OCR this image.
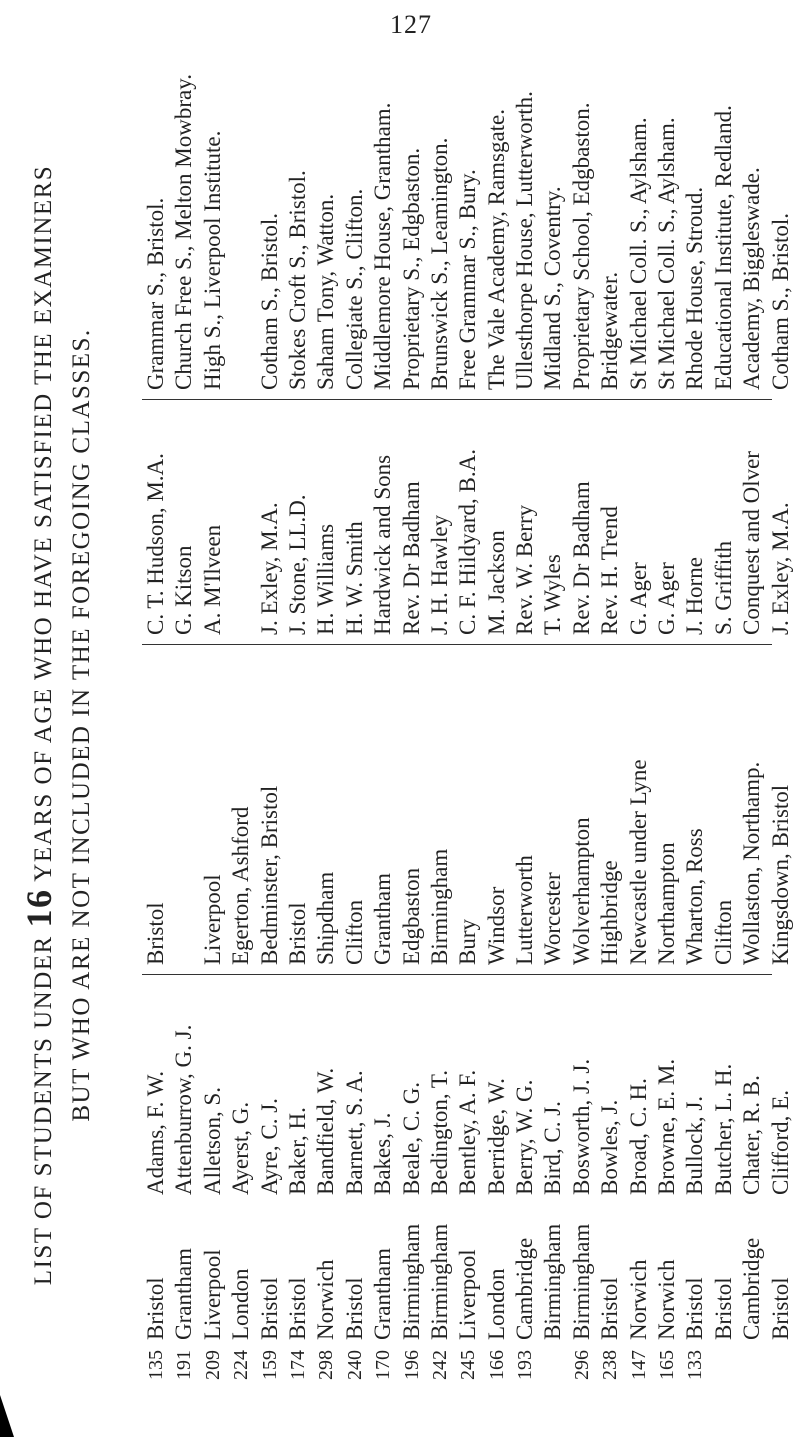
127
LIST OF STUDENTS UNDER 16 YEARS OF AGE WHO HAVE SATISFIED THE EXAMINERS BUT WHO ARE NOT INCLUDED IN THE FOREGOING CLASSES.
135 191 209 224 159 174 298 240 170 196 242 245 166 193 296 238 147 165 133
Bristol Grantham Liverpool London Bristol Bristol Norwich Bristol Grantham Birmingham Birmingham Liverpool London Cambridge Birmingham Birmingham Bristol Norwich Norwich Bristol Bristol Cambridge Bristol
Adams, F. W. Attenburrow, G. J. Alletson, S. Ayerst, G. Ayre, C. J. Baker, H. Bandfield, W. Barnett, S. A. Bakes, J. Beale, C. G. Bedington, T. Bentley, A. F. Berridge, W. Berry, W. G. Bird, C. J. Bosworth, J. J. Bowles, J. Broad, C. H. Browne, E. M. Bullock, J. Butcher, L. H. Chater, R. B. Clifford, E.
Bristol Liverpool Egerton, Ashford Bedminster, Bristol Bristol Shipdham Clifton Grantham Edgbaston Birmingham Bury Windsor Lutterworth Worcester Wolverhampton Highbridge Newcastle under Lyne Northampton Wharton, Ross Clifton Wollaston, Northamp. Kingsdown, Bristol
C. T. Hudson, M.A. G. Kitson A. M'Ilveen J. Exley, M.A. J. Stone, LL.D. H. Williams H. W. Smith Hardwick and Sons Rev. Dr Badham J. H. Hawley C. F. Hildyard, B.A. M. Jackson Rev. W. Berry T. Wyles Rev. Dr Badham Rev. H. Trend G. Ager G. Ager J. Horne S. Griffith Conquest and Olver J. Exley, M.A.
Grammar S., Bristol. Church Free S., Melton Mowbray. High S., Liverpool Institute. Cotham S., Bristol. Stokes Croft S., Bristol. Saham Tony, Watton. Collegiate S., Clifton. Middlemore House, Grantham. Proprietary S., Edgbaston. Brunswick S., Leamington. Free Grammar S., Bury. The Vale Academy, Ramsgate. Ullesthorpe House, Lutterworth. Midland S., Coventry. Proprietary School, Edgbaston. Bridgewater. St Michael Coll. S., Aylsham. St Michael Coll. S., Aylsham. Rhode House, Stroud. Educational Institute, Redland. Academy, Biggleswade. Cotham S., Bristol.
